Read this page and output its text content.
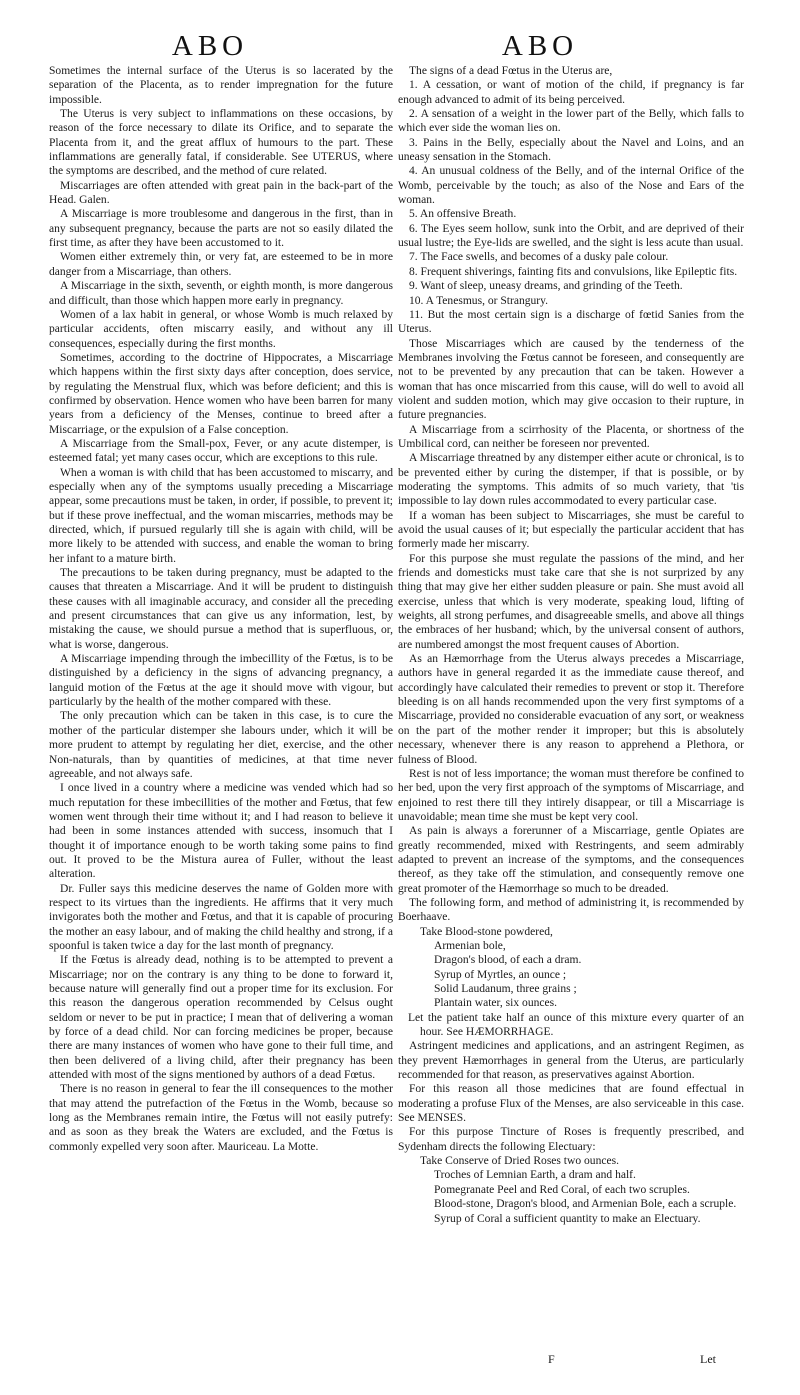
ABO	ABO

Sometimes the internal surface of the Uterus is so lacerated by the separation of the Placenta, as to render impregnation for the future impossible.

The Uterus is very subject to inflammations on these occasions, by reason of the force necessary to dilate its Orifice, and to separate the Placenta from it, and the great afflux of humours to the part. These inflammations are generally fatal, if considerable. See UTERUS, where the symptoms are described, and the method of cure related.

Miscarriages are often attended with great pain in the back-part of the Head. Galen.

A Miscarriage is more troublesome and dangerous in the first, than in any subsequent pregnancy, because the parts are not so easily dilated the first time, as after they have been accustomed to it.

Women either extremely thin, or very fat, are esteemed to be in more danger from a Miscarriage, than others.

A Miscarriage in the sixth, seventh, or eighth month, is more dangerous and difficult, than those which happen more early in pregnancy.

Women of a lax habit in general, or whose Womb is much relaxed by particular accidents, often miscarry easily, and without any ill consequences, especially during the first months.

Sometimes, according to the doctrine of Hippocrates, a Miscarriage which happens within the first sixty days after conception, does service, by regulating the Menstrual flux, which was before deficient; and this is confirmed by observation. Hence women who have been barren for many years from a deficiency of the Menses, continue to breed after a Miscarriage, or the expulsion of a False conception.

A Miscarriage from the Small-pox, Fever, or any acute distemper, is esteemed fatal; yet many cases occur, which are exceptions to this rule.

When a woman is with child that has been accustomed to miscarry, and especially when any of the symptoms usually preceding a Miscarriage appear, some precautions must be taken, in order, if possible, to prevent it; but if these prove ineffectual, and the woman miscarries, methods may be directed, which, if pursued regularly till she is again with child, will be more likely to be attended with success, and enable the woman to bring her infant to a mature birth.

The precautions to be taken during pregnancy, must be adapted to the causes that threaten a Miscarriage. And it will be prudent to distinguish these causes with all imaginable accuracy, and consider all the preceding and present circumstances that can give us any information, lest, by mistaking the cause, we should pursue a method that is superfluous, or, what is worse, dangerous.

A Miscarriage impending through the imbecillity of the Fœtus, is to be distinguished by a deficiency in the signs of advancing pregnancy, a languid motion of the Fœtus at the age it should move with vigour, but particularly by the health of the mother compared with these.

The only precaution which can be taken in this case, is to cure the mother of the particular distemper she labours under, which it will be more prudent to attempt by regulating her diet, exercise, and the other Non-naturals, than by quantities of medicines, at that time never agreeable, and not always safe.

I once lived in a country where a medicine was vended which had so much reputation for these imbecillities of the mother and Fœtus, that few women went through their time without it; and I had reason to believe it had been in some instances attended with success, insomuch that I thought it of importance enough to be worth taking some pains to find out. It proved to be the Mistura aurea of Fuller, without the least alteration.

Dr. Fuller says this medicine deserves the name of Golden more with respect to its virtues than the ingredients. He affirms that it very much invigorates both the mother and Fœtus, and that it is capable of procuring the mother an easy labour, and of making the child healthy and strong, if a spoonful is taken twice a day for the last month of pregnancy.

If the Fœtus is already dead, nothing is to be attempted to prevent a Miscarriage; nor on the contrary is any thing to be done to forward it, because nature will generally find out a proper time for its exclusion. For this reason the dangerous operation recommended by Celsus ought seldom or never to be put in practice; I mean that of delivering a woman by force of a dead child. Nor can forcing medicines be proper, because there are many instances of women who have gone to their full time, and then been delivered of a living child, after their pregnancy has been attended with most of the signs mentioned by authors of a dead Fœtus.

There is no reason in general to fear the ill consequences to the mother that may attend the putrefaction of the Fœtus in the Womb, because so long as the Membranes remain intire, the Fœtus will not easily putrefy: and as soon as they break the Waters are excluded, and the Fœtus is commonly expelled very soon after. Mauriceau. La Motte.

The signs of a dead Fœtus in the Uterus are,

1. A cessation, or want of motion of the child, if pregnancy is far enough advanced to admit of its being perceived.

2. A sensation of a weight in the lower part of the Belly, which falls to which ever side the woman lies on.

3. Pains in the Belly, especially about the Navel and Loins, and an uneasy sensation in the Stomach.

4. An unusual coldness of the Belly, and of the internal Orifice of the Womb, perceivable by the touch; as also of the Nose and Ears of the woman.

5. An offensive Breath.

6. The Eyes seem hollow, sunk into the Orbit, and are deprived of their usual lustre; the Eye-lids are swelled, and the sight is less acute than usual.

7. The Face swells, and becomes of a dusky pale colour.

8. Frequent shiverings, fainting fits and convulsions, like Epileptic fits.

9. Want of sleep, uneasy dreams, and grinding of the Teeth.

10. A Tenesmus, or Strangury.

11. But the most certain sign is a discharge of fœtid Sanies from the Uterus.

Those Miscarriages which are caused by the tenderness of the Membranes involving the Fœtus cannot be foreseen, and consequently are not to be prevented by any precaution that can be taken. However a woman that has once miscarried from this cause, will do well to avoid all violent and sudden motion, which may give occasion to their rupture, in future pregnancies.

A Miscarriage from a scirrhosity of the Placenta, or shortness of the Umbilical cord, can neither be foreseen nor prevented.

A Miscarriage threatned by any distemper either acute or chronical, is to be prevented either by curing the distemper, if that is possible, or by moderating the symptoms. This admits of so much variety, that 'tis impossible to lay down rules accommodated to every particular case.

If a woman has been subject to Miscarriages, she must be careful to avoid the usual causes of it; but especially the particular accident that has formerly made her miscarry.

For this purpose she must regulate the passions of the mind, and her friends and domesticks must take care that she is not surprized by any thing that may give her either sudden pleasure or pain. She must avoid all exercise, unless that which is very moderate, speaking loud, lifting of weights, all strong perfumes, and disagreeable smells, and above all things the embraces of her husband; which, by the universal consent of authors, are numbered amongst the most frequent causes of Abortion.

As an Hæmorrhage from the Uterus always precedes a Miscarriage, authors have in general regarded it as the immediate cause thereof, and accordingly have calculated their remedies to prevent or stop it. Therefore bleeding is on all hands recommended upon the very first symptoms of a Miscarriage, provided no considerable evacuation of any sort, or weakness on the part of the mother render it improper; but this is absolutely necessary, whenever there is any reason to apprehend a Plethora, or fulness of Blood.

Rest is not of less importance; the woman must therefore be confined to her bed, upon the very first approach of the symptoms of Miscarriage, and enjoined to rest there till they intirely disappear, or till a Miscarriage is unavoidable; mean time she must be kept very cool.

As pain is always a forerunner of a Miscarriage, gentle Opiates are greatly recommended, mixed with Restringents, and seem admirably adapted to prevent an increase of the symptoms, and the consequences thereof, as they take off the stimulation, and consequently remove one great promoter of the Hæmorrhage so much to be dreaded.

The following form, and method of administring it, is recommended by Boerhaave.

Take Blood-stone powdered,

Armenian bole,

Dragon's blood, of each a dram.

Syrup of Myrtles, an ounce ;

Solid Laudanum, three grains ;

Plantain water, six ounces.

Let the patient take half an ounce of this mixture every quarter of an hour. See HÆMORRHAGE.

Astringent medicines and applications, and an astringent Regimen, as they prevent Hæmorrhages in general from the Uterus, are particularly recommended for that reason, as preservatives against Abortion.

For this reason all those medicines that are found effectual in moderating a profuse Flux of the Menses, are also serviceable in this case. See MENSES.

For this purpose Tincture of Roses is frequently prescribed, and Sydenham directs the following Electuary:

Take Conserve of Dried Roses two ounces.

Troches of Lemnian Earth, a dram and half.

Pomegranate Peel and Red Coral, of each two scruples.

Blood-stone, Dragon's blood, and Armenian Bole, each a scruple.

Syrup of Coral a sufficient quantity to make an Electuary.

F	Let
